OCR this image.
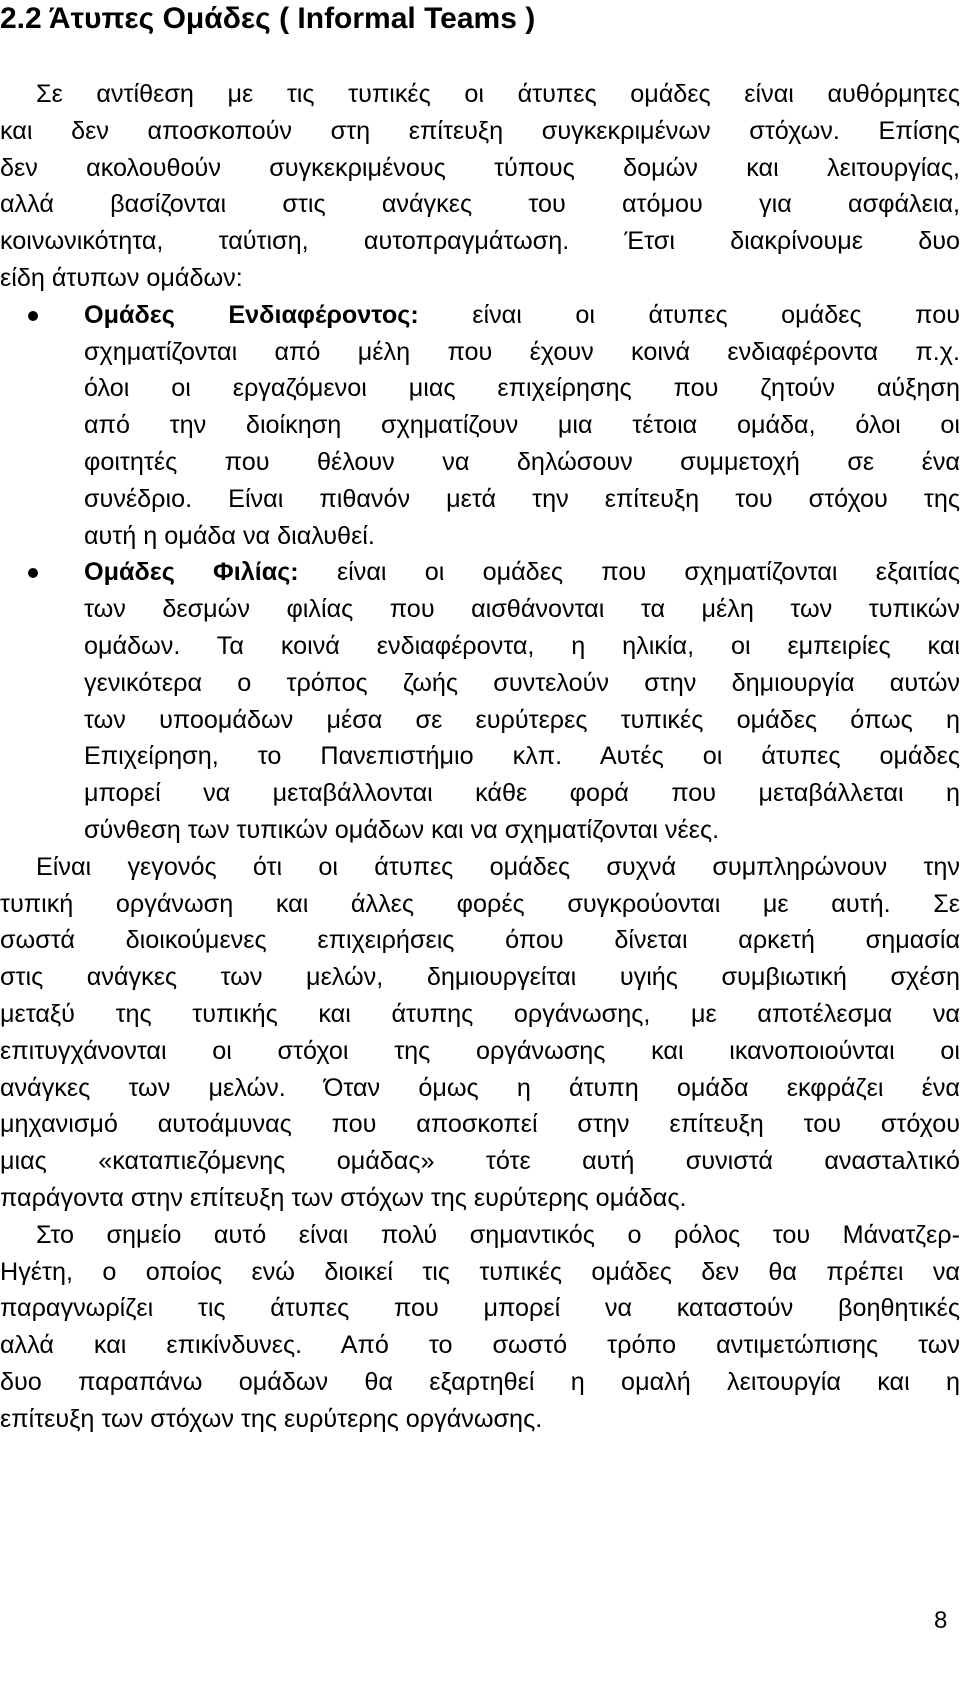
2.2 Άτυπες Ομάδες ( Informal Teams )
Σε αντίθεση με τις τυπικές οι άτυπες ομάδες είναι αυθόρμητες
και δεν αποσκοπούν στη επίτευξη συγκεκριμένων στόχων. Επίσης
δεν ακολουθούν συγκεκριμένους τύπους δομών και λειτουργίας,
αλλά βασίζονται στις ανάγκες του ατόμου για ασφάλεια,
κοινωνικότητα, ταύτιση, αυτοπραγμάτωση. Έτσι διακρίνουμε δυο
είδη άτυπων ομάδων:
Ομάδες Ενδιαφέροντος: είναι οι άτυπες ομάδες που
σχηματίζονται από μέλη που έχουν κοινά ενδιαφέροντα π.χ.
όλοι οι εργαζόμενοι μιας επιχείρησης που ζητούν αύξηση
από την διοίκηση σχηματίζουν μια τέτοια ομάδα, όλοι οι
φοιτητές που θέλουν να δηλώσουν συμμετοχή σε ένα
συνέδριο. Είναι πιθανόν μετά την επίτευξη του στόχου της
αυτή η ομάδα να διαλυθεί.
Ομάδες Φιλίας: είναι οι ομάδες που σχηματίζονται εξαιτίας
των δεσμών φιλίας που αισθάνονται τα μέλη των τυπικών
ομάδων. Τα κοινά ενδιαφέροντα, η ηλικία, οι εμπειρίες και
γενικότερα ο τρόπος ζωής συντελούν στην δημιουργία αυτών
των υποομάδων μέσα σε ευρύτερες τυπικές ομάδες όπως η
Επιχείρηση, το Πανεπιστήμιο κλπ. Αυτές οι άτυπες ομάδες
μπορεί να μεταβάλλονται κάθε φορά που μεταβάλλεται η
σύνθεση των τυπικών ομάδων και να σχηματίζονται νέες.
Είναι γεγονός ότι οι άτυπες ομάδες συχνά συμπληρώνουν την
τυπική οργάνωση και άλλες φορές συγκρούονται με αυτή. Σε
σωστά διοικούμενες επιχειρήσεις όπου δίνεται αρκετή σημασία
στις ανάγκες των μελών, δημιουργείται υγιής συμβιωτική σχέση
μεταξύ της τυπικής και άτυπης οργάνωσης, με αποτέλεσμα να
επιτυγχάνονται οι στόχοι της οργάνωσης και ικανοποιούνται οι
ανάγκες των μελών. Όταν όμως η άτυπη ομάδα εκφράζει ένα
μηχανισμό αυτοάμυνας που αποσκοπεί στην επίτευξη του στόχου
μιας «καταπιεζόμενης ομάδας» τότε αυτή συνιστά αναστaλτικό
παράγοντα στην επίτευξη των στόχων της ευρύτερης ομάδας.
Στο σημείο αυτό είναι πολύ σημαντικός ο ρόλος του Μάνατζερ-
Ηγέτη, ο οποίος ενώ διοικεί τις τυπικές ομάδες δεν θα πρέπει να
παραγνωρίζει τις άτυπες που μπορεί να καταστούν βοηθητικές
αλλά και επικίνδυνες. Από το σωστό τρόπο αντιμετώπισης των
δυο παραπάνω ομάδων θα εξαρτηθεί η ομαλή λειτουργία και η
επίτευξη των στόχων της ευρύτερης οργάνωσης.
8
